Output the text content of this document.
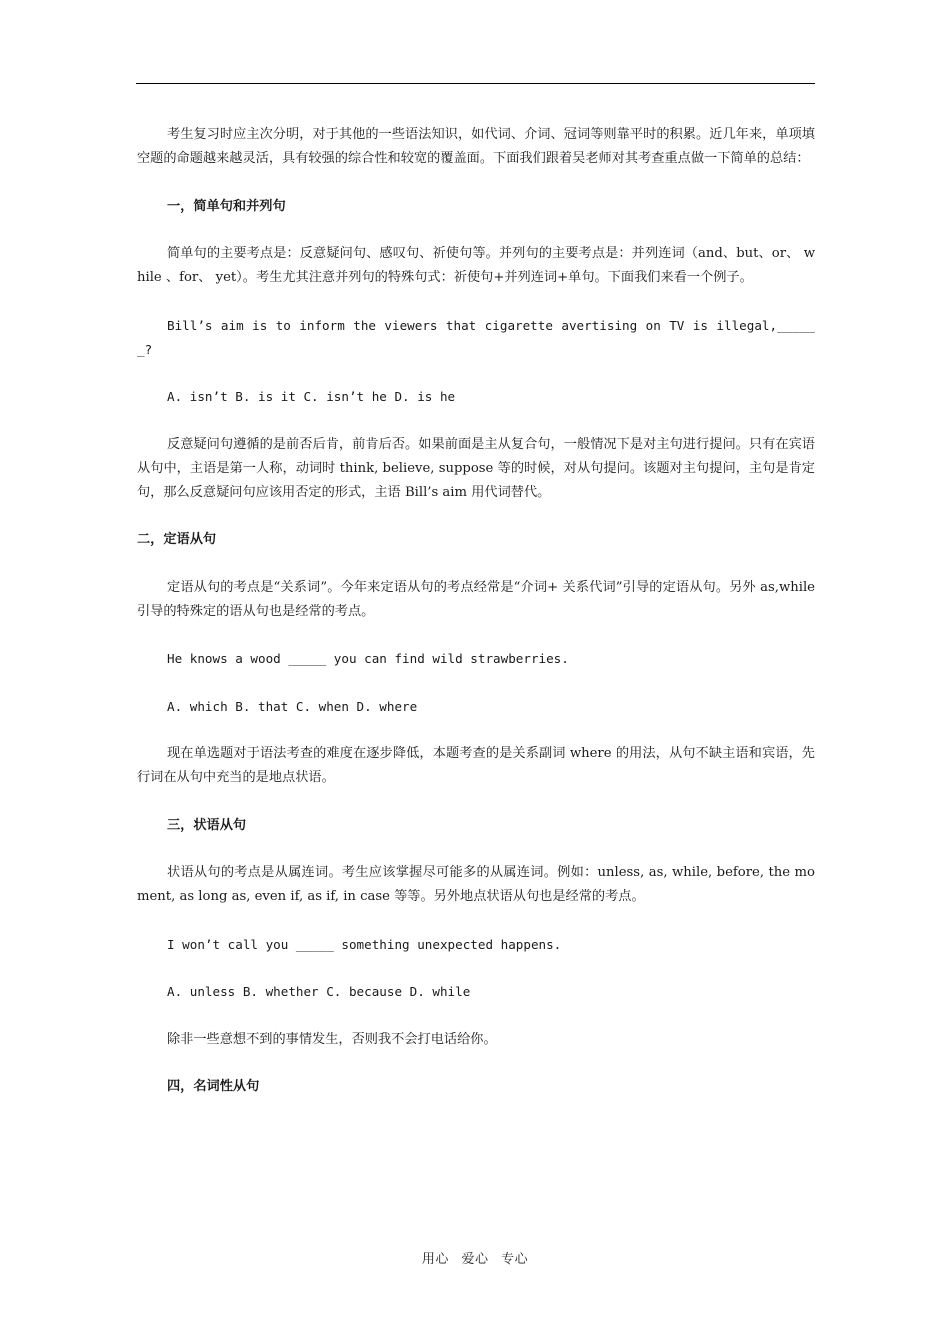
考生复习时应主次分明，对于其他的一些语法知识，如代词、介词、冠词等则靠平时的积累。近几年来，单项填空题的命题越来越灵活，具有较强的综合性和较宽的覆盖面。下面我们跟着吴老师对其考查重点做一下简单的总结：

一，简单句和并列句

简单句的主要考点是：反意疑问句、感叹句、祈使句等。并列句的主要考点是：并列连词（and、but、or、 while 、for、 yet）。考生尤其注意并列句的特殊句式：祈使句+并列连词+单句。下面我们来看一个例子。

Bill’s aim is to inform the viewers that cigarette avertising on TV is illegal,______?

A. isn’t B. is it C. isn’t he D. is he

反意疑问句遵循的是前否后肯，前肯后否。如果前面是主从复合句，一般情况下是对主句进行提问。只有在宾语从句中，主语是第一人称，动词时 think, believe, suppose 等的时候，对从句提问。该题对主句提问，主句是肯定句，那么反意疑问句应该用否定的形式，主语 Bill’s aim 用代词替代。

二，定语从句

定语从句的考点是“关系词”。今年来定语从句的考点经常是“介词+ 关系代词”引导的定语从句。另外 as,while 引导的特殊定的语从句也是经常的考点。

He knows a wood _____ you can find wild strawberries.

A. which B. that C. when D. where

现在单选题对于语法考查的难度在逐步降低，本题考查的是关系副词 where 的用法，从句不缺主语和宾语，先行词在从句中充当的是地点状语。

三，状语从句

状语从句的考点是从属连词。考生应该掌握尽可能多的从属连词。例如：unless, as, while, before, the moment, as long as, even if, as if, in case 等等。另外地点状语从句也是经常的考点。

I won’t call you _____ something unexpected happens.

A. unless B. whether C. because D. while

除非一些意想不到的事情发生，否则我不会打电话给你。

四，名词性从句
用心 爱心 专心
